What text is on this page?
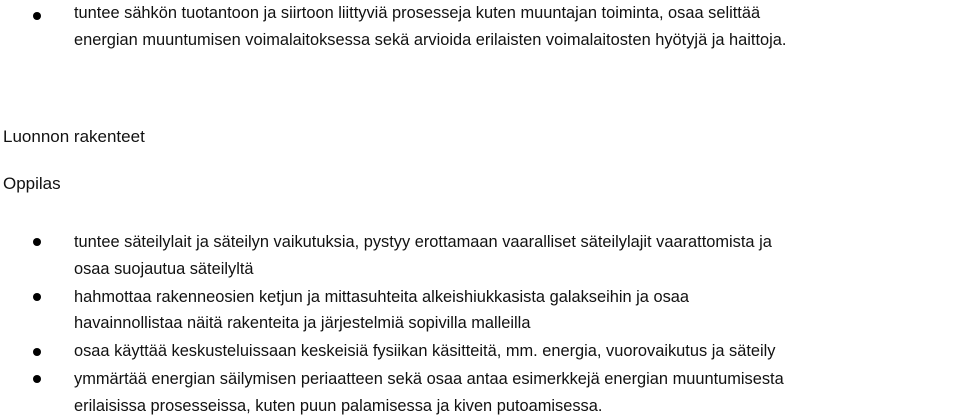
tuntee sähkön tuotantoon ja siirtoon liittyviä prosesseja kuten muuntajan toiminta, osaa selittää
energian muuntumisen voimalaitoksessa sekä arvioida erilaisten voimalaitosten hyötyjä ja haittoja.
Luonnon rakenteet
Oppilas
tuntee säteilylait ja säteilyn vaikutuksia, pystyy erottamaan vaaralliset säteilylajit vaarattomista ja
osaa suojautua säteilyltä
hahmottaa rakenneosien ketjun ja mittasuhteita alkeishiukkasista galakseihin ja osaa
havainnollistaa näitä rakenteita ja järjestelmiä sopivilla malleilla
osaa käyttää keskusteluissaan keskeisiä fysiikan käsitteitä, mm. energia, vuorovaikutus ja säteily
ymmärtää energian säilymisen periaatteen sekä osaa antaa esimerkkejä energian muuntumisesta
erilaisissa prosesseissa, kuten puun palamisessa ja kiven putoamisessa.
